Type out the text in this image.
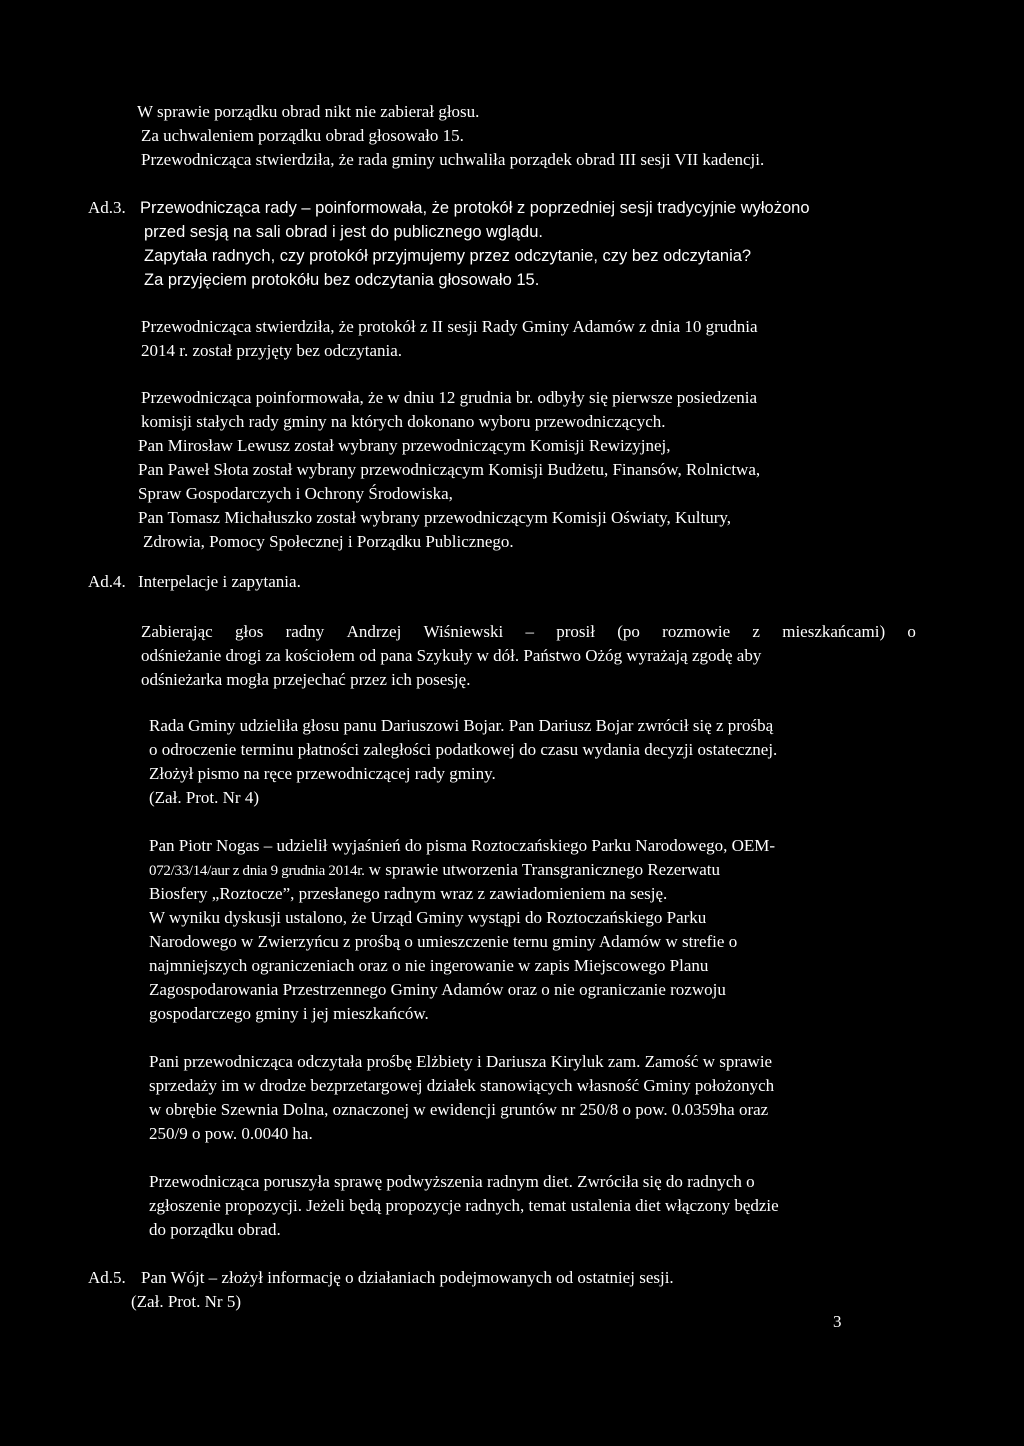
W sprawie porządku obrad nikt nie zabierał głosu.
Za uchwaleniem porządku obrad głosowało 15.
Przewodnicząca stwierdziła, że rada gminy uchwaliła porządek obrad III sesji VII kadencji.
Ad.3. Przewodnicząca rady – poinformowała, że protokół z poprzedniej sesji tradycyjnie wyłożono
przed sesją na sali obrad i jest do publicznego wglądu.
Zapytała radnych, czy protokół przyjmujemy przez odczytanie, czy bez odczytania?
Za przyjęciem protokółu bez odczytania głosowało 15.
Przewodnicząca stwierdziła, że protokół z II sesji Rady Gminy Adamów z dnia 10 grudnia
2014 r. został przyjęty bez odczytania.
Przewodnicząca poinformowała, że w dniu 12 grudnia br. odbyły się pierwsze posiedzenia
komisji stałych rady gminy na których dokonano wyboru przewodniczących.
Pan Mirosław Lewusz został wybrany przewodniczącym Komisji Rewizyjnej,
Pan Paweł Słota został wybrany przewodniczącym Komisji Budżetu, Finansów, Rolnictwa,
Spraw Gospodarczych i Ochrony Środowiska,
Pan Tomasz Michałuszko został wybrany przewodniczącym Komisji Oświaty, Kultury,
Zdrowia, Pomocy Społecznej i Porządku Publicznego.
Ad.4. Interpelacje i zapytania.
Zabierając głos radny Andrzej Wiśniewski – prosił (po rozmowie z mieszkańcami) o
odśnieżanie drogi za kościołem od pana Szykuły w dół. Państwo Ożóg wyrażają zgodę aby
odśnieżarka mogła przejechać przez ich posesję.
Rada Gminy udzieliła głosu panu Dariuszowi Bojar. Pan Dariusz Bojar zwrócił się z prośbą
o odroczenie terminu płatności zaległości podatkowej do czasu wydania decyzji ostatecznej.
Złożył pismo na ręce przewodniczącej rady gminy.
(Zał. Prot. Nr 4)
Pan Piotr Nogas – udzielił wyjaśnień do pisma Roztoczańskiego Parku Narodowego, OEM-
072/33/14/aur z dnia 9 grudnia 2014r. w sprawie utworzenia Transgranicznego Rezerwatu
Biosfery „Roztocze”, przesłanego radnym wraz z zawiadomieniem na sesję.
W wyniku dyskusji ustalono, że Urząd Gminy wystąpi do Roztoczańskiego Parku
Narodowego w Zwierzyńcu z prośbą o umieszczenie ternu gminy Adamów w strefie o
najmniejszych ograniczeniach oraz o nie ingerowanie w zapis Miejscowego Planu
Zagospodarowania Przestrzennego Gminy Adamów oraz o nie ograniczanie rozwoju
gospodarczego gminy i jej mieszkańców.
Pani przewodnicząca odczytała prośbę Elżbiety i Dariusza Kiryluk zam. Zamość w sprawie
sprzedaży im w drodze bezprzetargowej działek stanowiących własność Gminy położonych
w obrębie Szewnia Dolna, oznaczonej w ewidencji gruntów nr 250/8 o pow. 0.0359ha oraz
250/9 o pow. 0.0040 ha.
Przewodnicząca poruszyła sprawę podwyższenia radnym diet. Zwróciła się do radnych o
zgłoszenie propozycji. Jeżeli będą propozycje radnych, temat ustalenia diet włączony będzie
do porządku obrad.
Ad.5. Pan Wójt – złożył informację o działaniach podejmowanych od ostatniej sesji.
(Zał. Prot. Nr 5)
3
